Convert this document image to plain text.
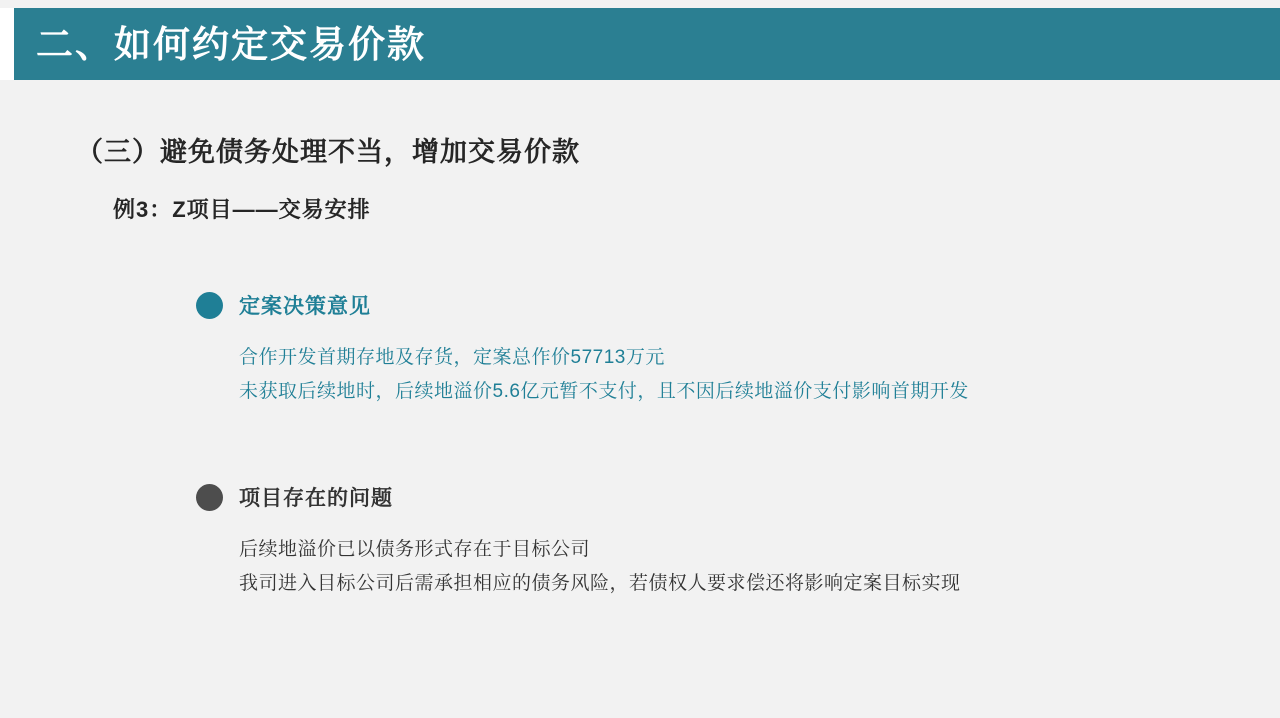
二、如何约定交易价款
（三）避免债务处理不当，增加交易价款
例3：Z项目——交易安排
定案决策意见
合作开发首期存地及存货，定案总作价57713万元
未获取后续地时，后续地溢价5.6亿元暂不支付，且不因后续地溢价支付影响首期开发
项目存在的问题
后续地溢价已以债务形式存在于目标公司
我司进入目标公司后需承担相应的债务风险，若债权人要求偿还将影响定案目标实现
